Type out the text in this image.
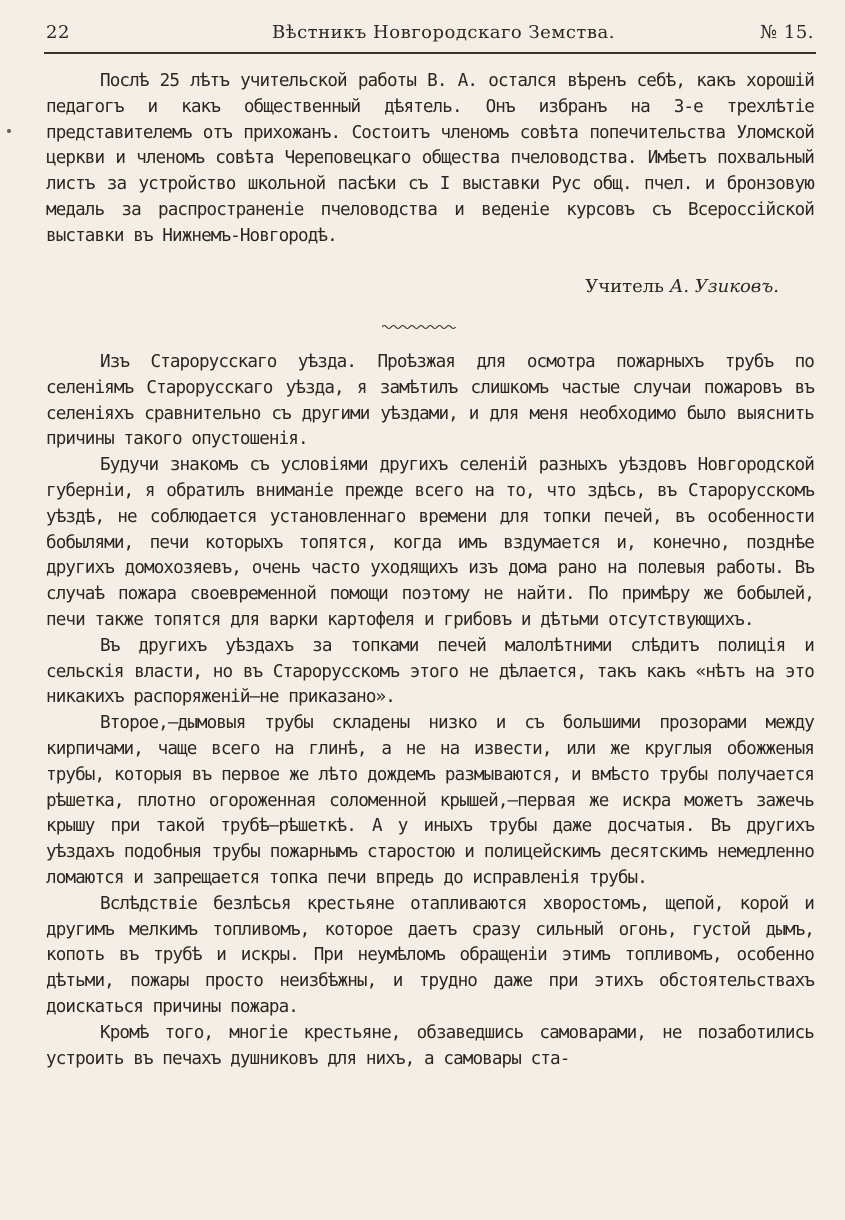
22	Вѣстникъ Новгородскаго Земства.	№ 15.

Послѣ 25 лѣтъ учительской работы В. А. остался вѣренъ себѣ, какъ хорошій педагогъ и какъ общественный дѣятель. Онъ избранъ на 3-е трехлѣтіе представителемъ отъ прихожанъ. Состоитъ членомъ совѣта попечительства Уломской церкви и членомъ совѣта Череповецкаго общества пчеловодства. Имѣетъ похвальный листъ за устройство школьной пасѣки съ I выставки Рус общ. пчел. и бронзовую медаль за распространеніе пчеловодства и веденіе курсовъ съ Всероссійской выставки въ Нижнемъ-Новгородѣ.

Учитель А. Узиковъ.

Изъ Старорусскаго уѣзда. Проѣзжая для осмотра пожарныхъ трубъ по селеніямъ Старорусскаго уѣзда, я замѣтилъ слишкомъ частые случаи пожаровъ въ селеніяхъ сравнительно съ другими уѣздами, и для меня необходимо было выяснить причины такого опустошенія.

Будучи знакомъ съ условіями другихъ селеній разныхъ уѣздовъ Новгородской губерніи, я обратилъ вниманіе прежде всего на то, что здѣсь, въ Старорусскомъ уѣздѣ, не соблюдается установленнаго времени для топки печей, въ особенности бобылями, печи которыхъ топятся, когда имъ вздумается и, конечно, позднѣе другихъ домохозяевъ, очень часто уходящихъ изъ дома рано на полевыя работы. Въ случаѣ пожара своевременной помощи поэтому не найти. По примѣру же бобылей, печи также топятся для варки картофеля и грибовъ и дѣтьми отсутствующихъ.

Въ другихъ уѣздахъ за топками печей малолѣтними слѣдитъ полиція и сельскія власти, но въ Старорусскомъ этого не дѣлается, такъ какъ «нѣтъ на это никакихъ распоряженій—не приказано».

Второе,—дымовыя трубы складены низко и съ большими прозорами между кирпичами, чаще всего на глинѣ, а не на извести, или же круглыя обожженыя трубы, которыя въ первое же лѣто дождемъ размываются, и вмѣсто трубы получается рѣшетка, плотно огороженная соломенной крышей,—первая же искра можетъ зажечь крышу при такой трубѣ—рѣшеткѣ. А у иныхъ трубы даже досчатыя. Въ другихъ уѣздахъ подобныя трубы пожарнымъ старостою и полицейскимъ десятскимъ немедленно ломаются и запрещается топка печи впредь до исправленія трубы.

Вслѣдствіе безлѣсья крестьяне отапливаются хворостомъ, щепой, корой и другимъ мелкимъ топливомъ, которое даетъ сразу сильный огонь, густой дымъ, копоть въ трубѣ и искры. При неумѣломъ обращеніи этимъ топливомъ, особенно дѣтьми, пожары просто неизбѣжны, и трудно даже при этихъ обстоятельствахъ доискаться причины пожара.

Кромѣ того, многіе крестьяне, обзаведшись самоварами, не позаботились устроить въ печахъ душниковъ для нихъ, а самовары ста-
